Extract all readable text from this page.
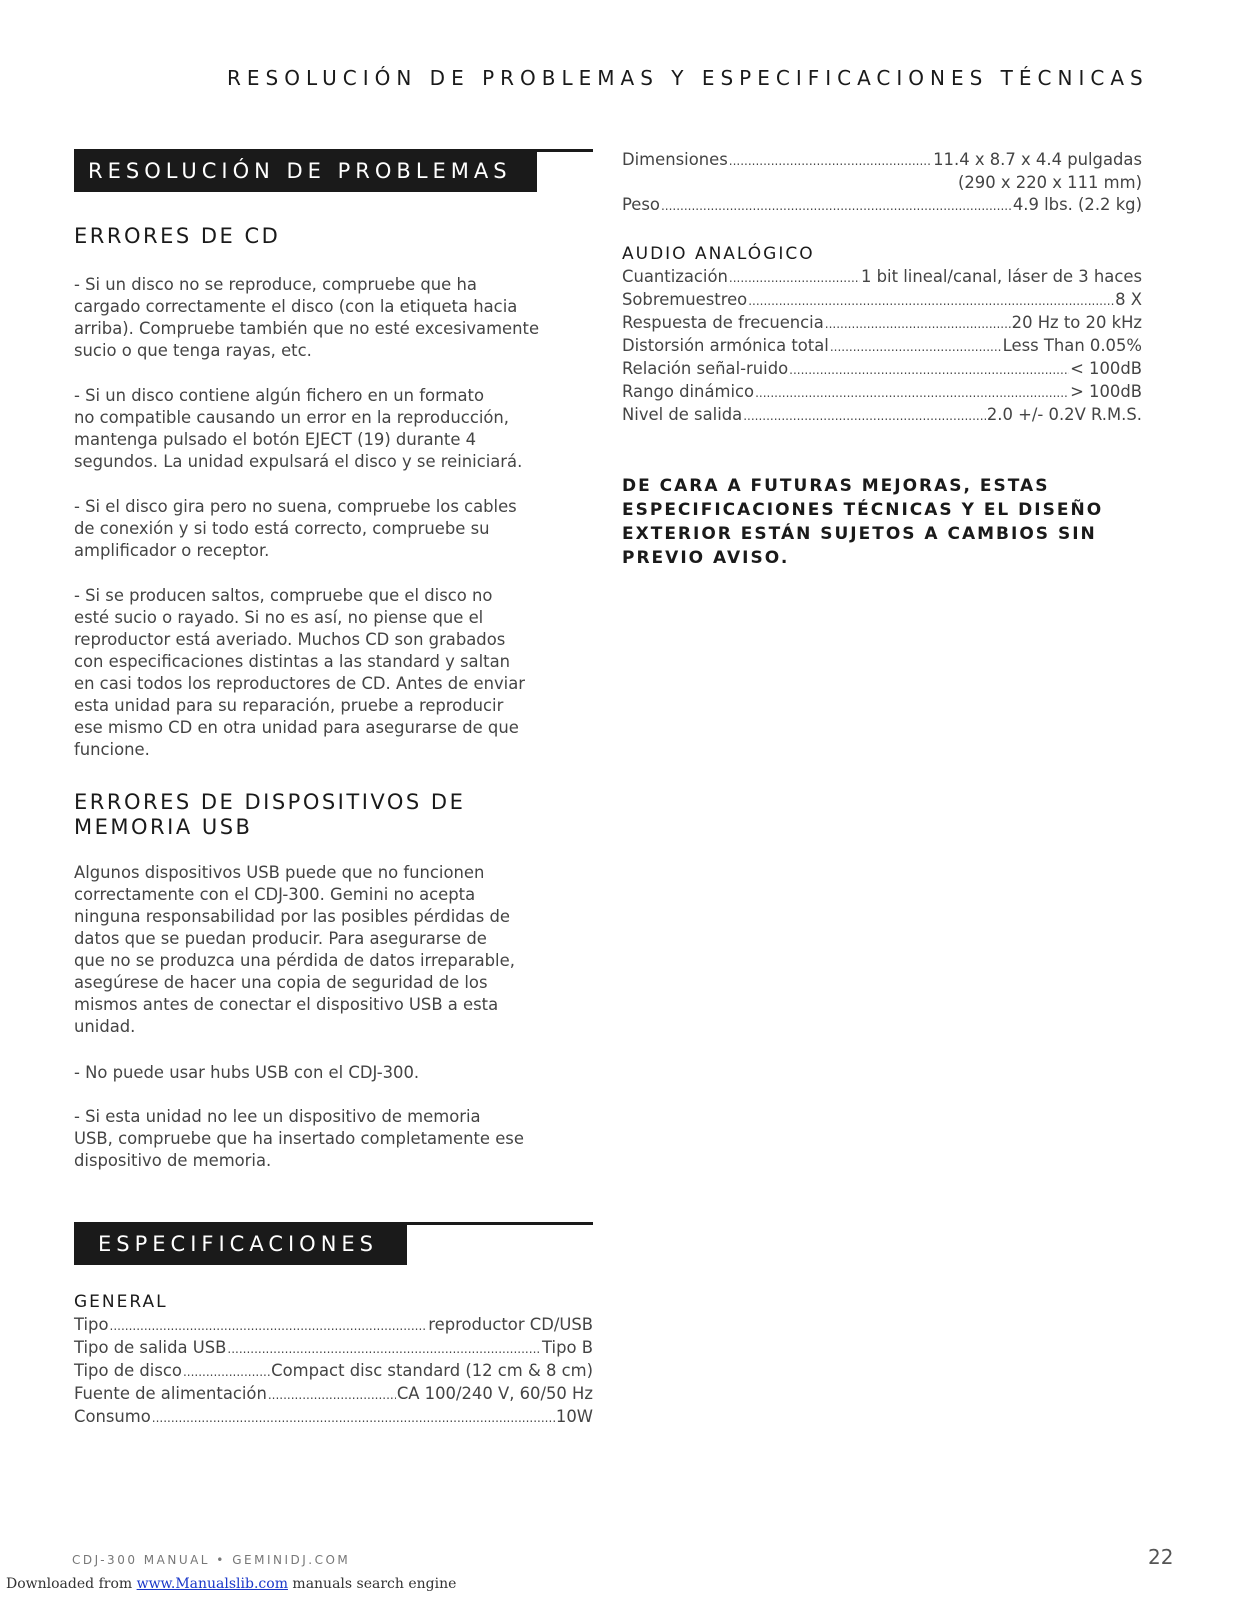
RESOLUCIÓN DE PROBLEMAS Y ESPECIFICACIONES TÉCNICAS
RESOLUCIÓN DE PROBLEMAS
ERRORES DE CD

- Si un disco no se reproduce, compruebe que ha
cargado correctamente el disco (con la etiqueta hacia
arriba). Compruebe también que no esté excesivamente
sucio o que tenga rayas, etc.

- Si un disco contiene algún fichero en un formato
no compatible causando un error en la reproducción,
mantenga pulsado el botón EJECT (19) durante 4
segundos. La unidad expulsará el disco y se reiniciará.

- Si el disco gira pero no suena, compruebe los cables
de conexión y si todo está correcto, compruebe su
amplificador o receptor.

- Si se producen saltos, compruebe que el disco no
esté sucio o rayado. Si no es así, no piense que el
reproductor está averiado. Muchos CD son grabados
con especificaciones distintas a las standard y saltan
en casi todos los reproductores de CD. Antes de enviar
esta unidad para su reparación, pruebe a reproducir
ese mismo CD en otra unidad para asegurarse de que
funcione.

ERRORES DE DISPOSITIVOS DE
MEMORIA USB

Algunos dispositivos USB puede que no funcionen
correctamente con el CDJ-300. Gemini no acepta
ninguna responsabilidad por las posibles pérdidas de
datos que se puedan producir. Para asegurarse de
que no se produzca una pérdida de datos irreparable,
asegúrese de hacer una copia de seguridad de los
mismos antes de conectar el dispositivo USB a esta
unidad.

- No puede usar hubs USB con el CDJ-300.

- Si esta unidad no lee un dispositivo de memoria
USB, compruebe que ha insertado completamente ese
dispositivo de memoria.

ESPECIFICACIONES
GENERAL
Tipo .....	reproductor CD/USB
Tipo de salida USB .....	Tipo B
Tipo de disco .....	Compact disc standard (12 cm & 8 cm)
Fuente de alimentación .....	CA 100/240 V, 60/50 Hz
Consumo .....	10W
Dimensiones .....	11.4 x 8.7 x 4.4 pulgadas
(290 x 220 x 111 mm)
Peso .....	4.9 lbs. (2.2 kg)
AUDIO ANALÓGICO
Cuantización .....	1 bit lineal/canal, láser de 3 haces
Sobremuestreo .....	8 X
Respuesta de frecuencia .....	20 Hz to 20 kHz
Distorsión armónica total .....	Less Than 0.05%
Relación señal-ruido .....	< 100dB
Rango dinámico .....	> 100dB
Nivel de salida .....	2.0 +/- 0.2V R.M.S.
DE CARA A FUTURAS MEJORAS, ESTAS ESPECIFICACIONES TÉCNICAS Y EL DISEÑO EXTERIOR ESTÁN SUJETOS A CAMBIOS SIN PREVIO AVISO.
CDJ-300 MANUAL • GEMINIDJ.COM	22
Downloaded from www.Manualslib.com manuals search engine
